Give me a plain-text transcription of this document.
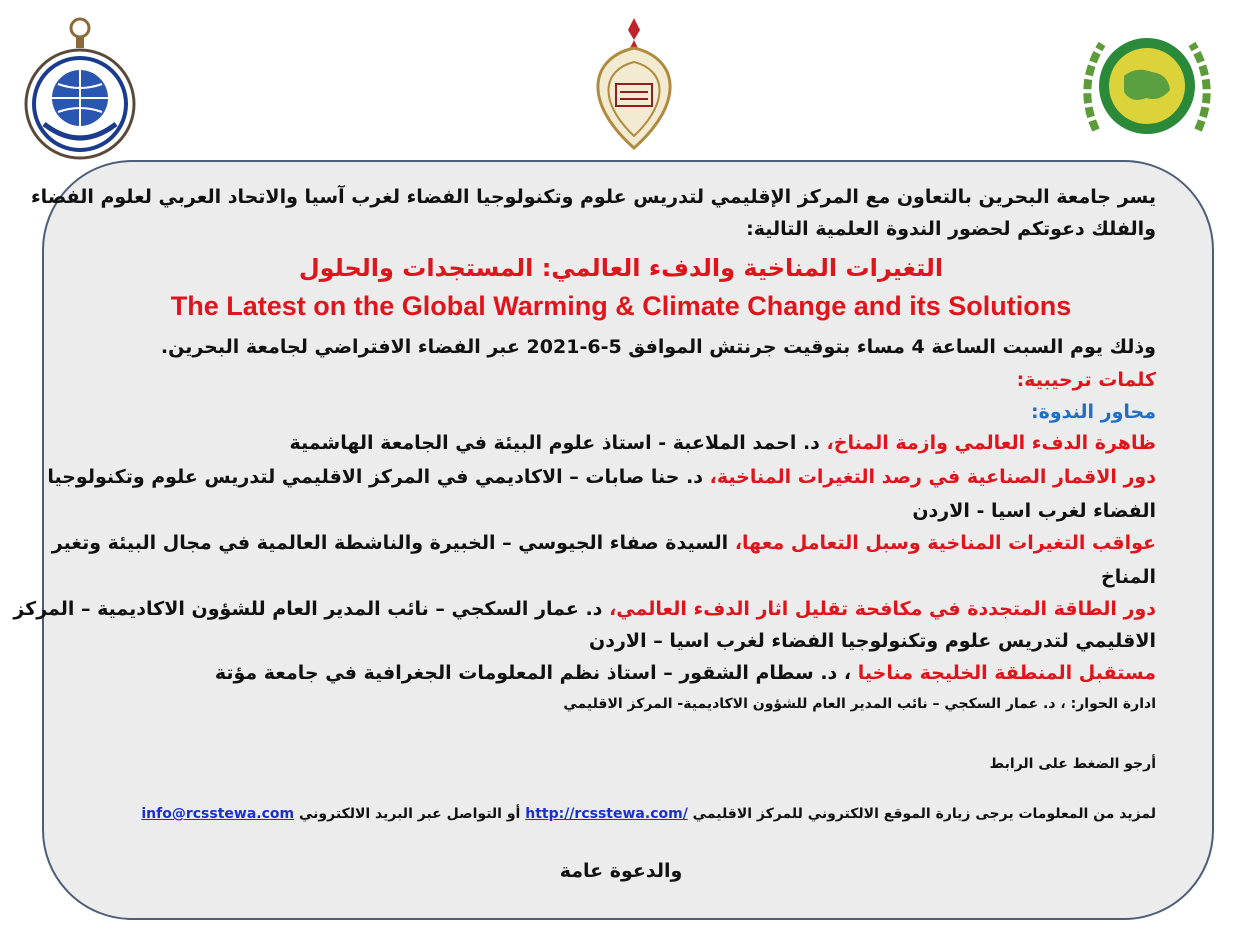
يسر جامعة البحرين بالتعاون مع المركز الإقليمي لتدريس علوم وتكنولوجيا الفضاء لغرب آسيا والاتحاد العربي لعلوم الفضاء
والفلك دعوتكم لحضور الندوة العلمية التالية:
التغيرات المناخية والدفء العالمي: المستجدات والحلول
The Latest on the Global Warming & Climate Change and its Solutions
وذلك يوم السبت الساعة 4 مساء بتوقيت جرنتش الموافق 5-6-2021 عبر الفضاء الافتراضي لجامعة البحرين.
كلمات ترحيبية:
محاور الندوة:
ظاهرة الدفء العالمي وازمة المناخ، د. احمد الملاعبة - استاذ علوم البيئة في الجامعة الهاشمية
دور الاقمار الصناعية في رصد التغيرات المناخية، د. حنا صابات – الاكاديمي في المركز الاقليمي لتدريس علوم وتكنولوجيا
الفضاء لغرب اسيا - الاردن
عواقب التغيرات المناخية وسبل التعامل معها، السيدة صفاء الجيوسي – الخبيرة والناشطة العالمية في مجال البيئة وتغير
المناخ
دور الطاقة المتجددة في مكافحة تقليل اثار الدفء العالمي، د. عمار السكجي – نائب المدير العام للشؤون الاكاديمية – المركز
الاقليمي لتدريس علوم وتكنولوجيا الفضاء لغرب اسيا – الاردن
مستقبل المنطقة الخليجة مناخيا ، د. سطام الشقور – استاذ نظم المعلومات الجغرافية في جامعة مؤتة
ادارة الحوار: ، د. عمار السكجي – نائب المدير العام للشؤون الاكاديمية- المركز الاقليمي
أرجو الضغط على الرابط
لمزيد من المعلومات يرجى زيارة الموقع الالكتروني للمركز الاقليمي http://rcsstewa.com/ أو التواصل عبر البريد الالكتروني info@rcsstewa.com
والدعوة عامة
